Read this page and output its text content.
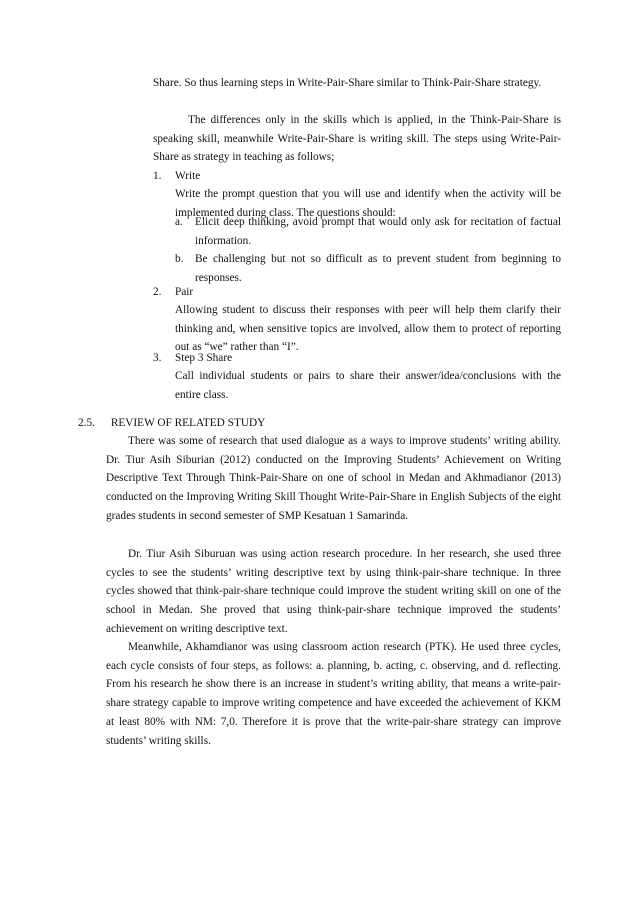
Share. So thus learning steps in Write-Pair-Share similar to Think-Pair-Share strategy.

The differences only in the skills which is applied, in the Think-Pair-Share is speaking skill, meanwhile Write-Pair-Share is writing skill. The steps using Write-Pair-Share as strategy in teaching as follows;

1. Write

Write the prompt question that you will use and identify when the activity will be implemented during class. The questions should:

a. Elicit deep thinking, avoid prompt that would only ask for recitation of factual information.

b. Be challenging but not so difficult as to prevent student from beginning to responses.

2. Pair

Allowing student to discuss their responses with peer will help them clarify their thinking and, when sensitive topics are involved, allow them to protect of reporting out as “we” rather than “I”.

3. Step 3 Share

Call individual students or pairs to share their answer/idea/conclusions with the entire class.

2.5. REVIEW OF RELATED STUDY

There was some of research that used dialogue as a ways to improve students’ writing ability. Dr. Tiur Asih Siburian (2012) conducted on the Improving Students’ Achievement on Writing Descriptive Text Through Think-Pair-Share on one of school in Medan and Akhmadianor (2013) conducted on the Improving Writing Skill Thought Write-Pair-Share in English Subjects of the eight grades students in second semester of SMP Kesatuan 1 Samarinda.

Dr. Tiur Asih Siburuan was using action research procedure. In her research, she used three cycles to see the students’ writing descriptive text by using think-pair-share technique. In three cycles showed that think-pair-share technique could improve the student writing skill on one of the school in Medan. She proved that using think-pair-share technique improved the students’ achievement on writing descriptive text.

Meanwhile, Akhamdianor was using classroom action research (PTK). He used three cycles, each cycle consists of four steps, as follows: a. planning, b. acting, c. observing, and d. reflecting. From his research he show there is an increase in student’s writing ability, that means a write-pair-share strategy capable to improve writing competence and have exceeded the achievement of KKM at least 80% with NM: 7,0. Therefore it is prove that the write-pair-share strategy can improve students’ writing skills.
